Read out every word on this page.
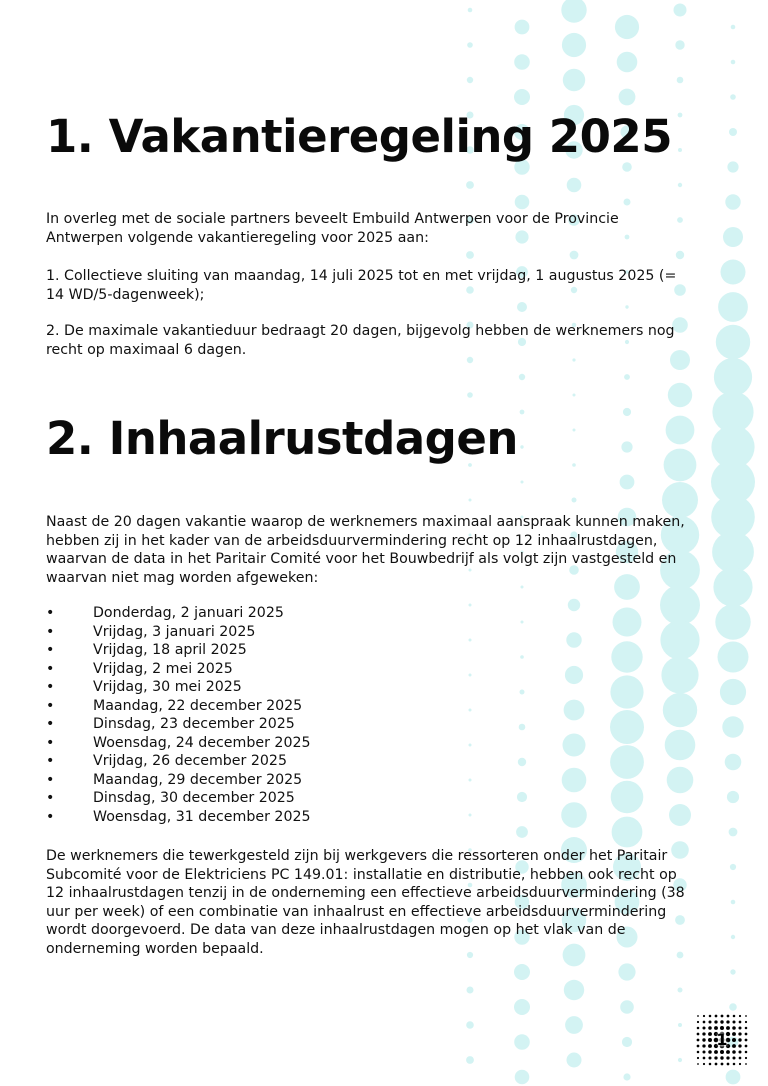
1. Vakantieregeling 2025

In overleg met de sociale partners beveelt Embuild Antwerpen voor de Provincie Antwerpen volgende vakantieregeling voor 2025 aan:

1. Collectieve sluiting van maandag, 14 juli 2025 tot en met vrijdag, 1 augustus 2025 (= 14 WD/5-dagenweek);

2. De maximale vakantieduur bedraagt 20 dagen, bijgevolg hebben de werknemers nog recht op maximaal 6 dagen.

2. Inhaalrustdagen

Naast de 20 dagen vakantie waarop de werknemers maximaal aanspraak kunnen maken, hebben zij in het kader van de arbeidsduurvermindering recht op 12 inhaalrustdagen, waarvan de data in het Paritair Comité voor het Bouwbedrijf als volgt zijn vastgesteld en waarvan niet mag worden afgeweken:

•	Donderdag, 2 januari 2025
•	Vrijdag, 3 januari 2025
•	Vrijdag, 18 april 2025
•	Vrijdag, 2 mei 2025
•	Vrijdag, 30 mei 2025
•	Maandag, 22 december 2025
•	Dinsdag, 23 december 2025
•	Woensdag, 24 december 2025
•	Vrijdag, 26 december 2025
•	Maandag, 29 december 2025
•	Dinsdag, 30 december 2025
•	Woensdag, 31 december 2025

De werknemers die tewerkgesteld zijn bij werkgevers die ressorteren onder het Paritair Subcomité voor de Elektriciens PC 149.01: installatie en distributie, hebben ook recht op 12 inhaalrustdagen tenzij in de onderneming een effectieve arbeidsduurvermindering (38 uur per week) of een combinatie van inhaalrust en effectieve arbeidsduurvermindering wordt doorgevoerd. De data van deze inhaalrustdagen mogen op het vlak van de onderneming worden bepaald.

1
